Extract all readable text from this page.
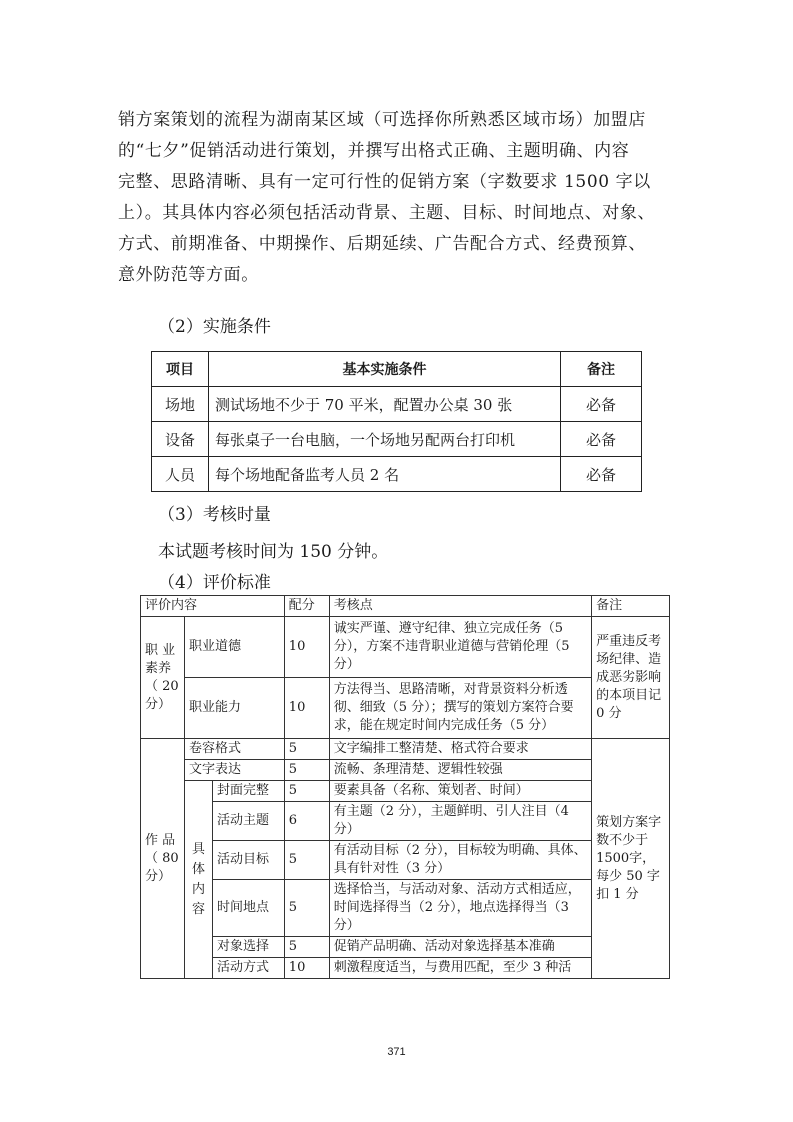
销方案策划的流程为湖南某区域（可选择你所熟悉区域市场）加盟店
的“七夕”促销活动进行策划，并撰写出格式正确、主题明确、内容
完整、思路清晰、具有一定可行性的促销方案（字数要求 1500 字以
上）。其具体内容必须包括活动背景、主题、目标、时间地点、对象、
方式、前期准备、中期操作、后期延续、广告配合方式、经费预算、
意外防范等方面。

（2）实施条件

项目	基本实施条件	备注
场地	测试场地不少于 70 平米，配置办公桌 30 张	必备
设备	每张桌子一台电脑，一个场地另配两台打印机	必备
人员	每个场地配备监考人员 2 名	必备

（3）考核时量

本试题考核时间为 150 分钟。

（4）评价标准

评价内容			配分	考核点	备注
职 业 素养 （ 20 分）	职业道德		10	诚实严谨、遵守纪律、独立完成任务（5 分），方案不违背职业道德与营销伦理（5 分）	严重违反考场纪律、造成恶劣影响的本项目记 0 分
	职业能力		10	方法得当、思路清晰，对背景资料分析透彻、细致（5 分）；撰写的策划方案符合要求，能在规定时间内完成任务（5 分）	
作 品 （ 80 分）	卷容格式		5	文字编排工整清楚、格式符合要求	策划方案字数不少于 1500字，每少 50 字扣 1 分
	文字表达		5	流畅、条理清楚、逻辑性较强	
	具体内容	封面完整	5	要素具备（名称、策划者、时间）	
		活动主题	6	有主题（2 分），主题鲜明、引人注目（4 分）	
		活动目标	5	有活动目标（2 分），目标较为明确、具体、具有针对性（3 分）	
		时间地点	5	选择恰当，与活动对象、活动方式相适应，时间选择得当（2 分），地点选择得当（3 分）	
		对象选择	5	促销产品明确、活动对象选择基本准确	
		活动方式	10	刺激程度适当，与费用匹配，至少 3 种活	
371
